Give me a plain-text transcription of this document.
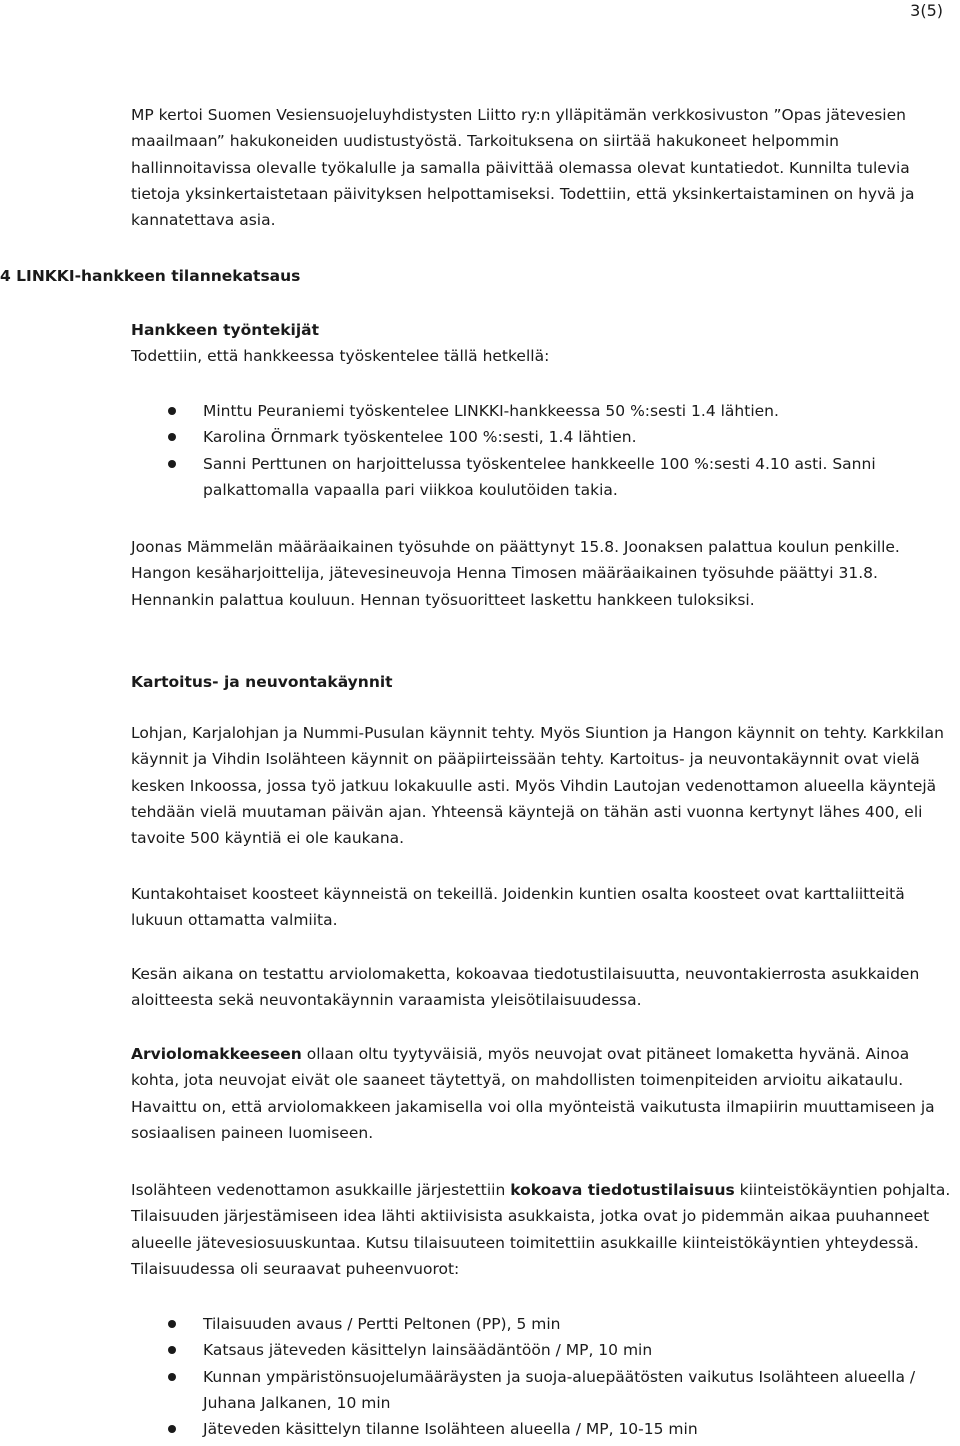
3(5)

MP kertoi Suomen Vesiensuojeluyhdistysten Liitto ry:n ylläpitämän verkkosivuston ”Opas jätevesien maailmaan” hakukoneiden uudistustyöstä. Tarkoituksena on siirtää hakukoneet helpommin hallinnoitavissa olevalle työkalulle ja samalla päivittää olemassa olevat kuntatiedot. Kunnilta tulevia tietoja yksinkertaistetaan päivityksen helpottamiseksi. Todettiin, että yksinkertaistaminen on hyvä ja kannatettava asia.

4 LINKKI-hankkeen tilannekatsaus
Hankkeen työntekijät

Todettiin, että hankkeessa työskentelee tällä hetkellä:

Minttu Peuraniemi työskentelee LINKKI-hankkeessa 50 %:sesti 1.4 lähtien.
Karolina Örnmark työskentelee 100 %:sesti, 1.4 lähtien.
Sanni Perttunen on harjoittelussa työskentelee hankkeelle 100 %:sesti 4.10 asti. Sanni palkattomalla vapaalla pari viikkoa koulutöiden takia.

Joonas Mämmelän määräaikainen työsuhde on päättynyt 15.8. Joonaksen palattua koulun penkille. Hangon kesäharjoittelija, jätevesineuvoja Henna Timosen määräaikainen työsuhde päättyi 31.8. Hennankin palattua kouluun. Hennan työsuoritteet laskettu hankkeen tuloksiksi.

Kartoitus- ja neuvontakäynnit

Lohjan, Karjalohjan ja Nummi-Pusulan käynnit tehty. Myös Siuntion ja Hangon käynnit on tehty. Karkkilan käynnit ja Vihdin Isolähteen käynnit on pääpiirteissään tehty. Kartoitus- ja neuvontakäynnit ovat vielä kesken Inkoossa, jossa työ jatkuu lokakuulle asti. Myös Vihdin Lautojan vedenottamon alueella käyntejä tehdään vielä muutaman päivän ajan. Yhteensä käyntejä on tähän asti vuonna kertynyt lähes 400, eli tavoite 500 käyntiä ei ole kaukana.

Kuntakohtaiset koosteet käynneistä on tekeillä. Joidenkin kuntien osalta koosteet ovat karttaliitteitä lukuun ottamatta valmiita.

Kesän aikana on testattu arviolomaketta, kokoavaa tiedotustilaisuutta, neuvontakierrosta asukkaiden aloitteesta sekä neuvontakäynnin varaamista yleisötilaisuudessa.

Arviolomakkeeseen ollaan oltu tyytyväisiä, myös neuvojat ovat pitäneet lomaketta hyvänä. Ainoa kohta, jota neuvojat eivät ole saaneet täytettyä, on mahdollisten toimenpiteiden arvioitu aikataulu. Havaittu on, että arviolomakkeen jakamisella voi olla myönteistä vaikutusta ilmapiirin muuttamiseen ja sosiaalisen paineen luomiseen.

Isolähteen vedenottamon asukkaille järjestettiin kokoava tiedotustilaisuus kiinteistökäyntien pohjalta. Tilaisuuden järjestämiseen idea lähti aktiivisista asukkaista, jotka ovat jo pidemmän aikaa puuhanneet alueelle jätevesiosuuskuntaa. Kutsu tilaisuuteen toimitettiin asukkaille kiinteistökäyntien yhteydessä. Tilaisuudessa oli seuraavat puheenvuorot:

Tilaisuuden avaus / Pertti Peltonen (PP), 5 min
Katsaus jäteveden käsittelyn lainsäädäntöön / MP, 10 min
Kunnan ympäristönsuojelumääräysten ja suoja-aluepäätösten vaikutus Isolähteen alueella / Juhana Jalkanen, 10 min
Jäteveden käsittelyn tilanne Isolähteen alueella / MP, 10-15 min
